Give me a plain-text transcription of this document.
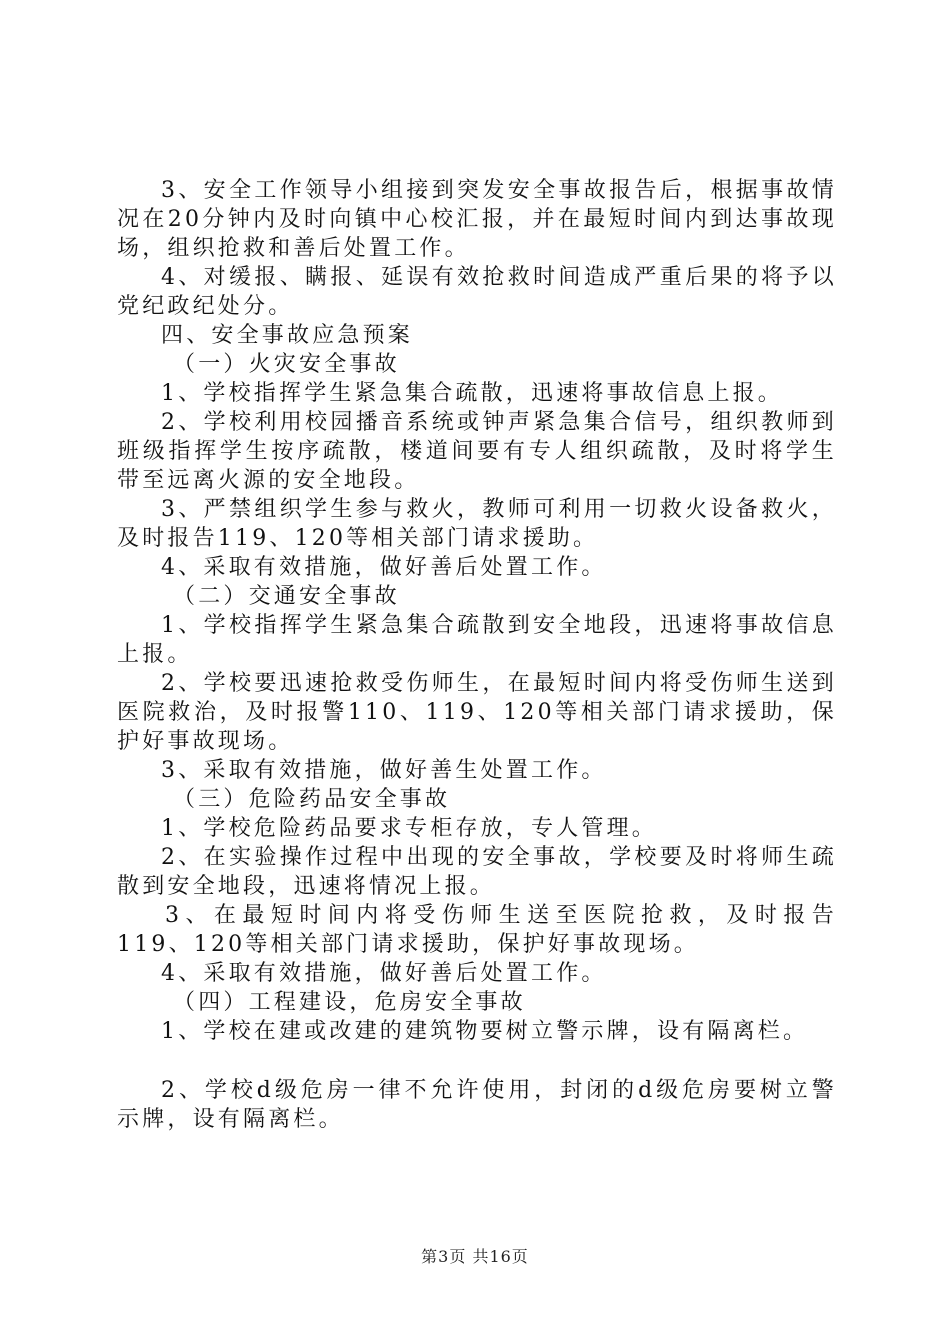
3、安全工作领导小组接到突发安全事故报告后，根据事故情况在20分钟内及时向镇中心校汇报，并在最短时间内到达事故现场，组织抢救和善后处置工作。

4、对缓报、瞒报、延误有效抢救时间造成严重后果的将予以党纪政纪处分。

四、安全事故应急预案

（一）火灾安全事故

1、学校指挥学生紧急集合疏散，迅速将事故信息上报。

2、学校利用校园播音系统或钟声紧急集合信号，组织教师到班级指挥学生按序疏散，楼道间要有专人组织疏散，及时将学生带至远离火源的安全地段。

3、严禁组织学生参与救火，教师可利用一切救火设备救火，及时报告119、120等相关部门请求援助。

4、采取有效措施，做好善后处置工作。

（二）交通安全事故

1、学校指挥学生紧急集合疏散到安全地段，迅速将事故信息上报。

2、学校要迅速抢救受伤师生，在最短时间内将受伤师生送到医院救治，及时报警110、119、120等相关部门请求援助，保护好事故现场。

3、采取有效措施，做好善生处置工作。

（三）危险药品安全事故

1、学校危险药品要求专柜存放，专人管理。

2、在实验操作过程中出现的安全事故，学校要及时将师生疏散到安全地段，迅速将情况上报。

3、在最短时间内将受伤师生送至医院抢救，及时报告119、120等相关部门请求援助，保护好事故现场。

4、采取有效措施，做好善后处置工作。

（四）工程建设，危房安全事故

1、学校在建或改建的建筑物要树立警示牌，设有隔离栏。

2、学校d级危房一律不允许使用，封闭的d级危房要树立警示牌，设有隔离栏。

第3页 共16页
